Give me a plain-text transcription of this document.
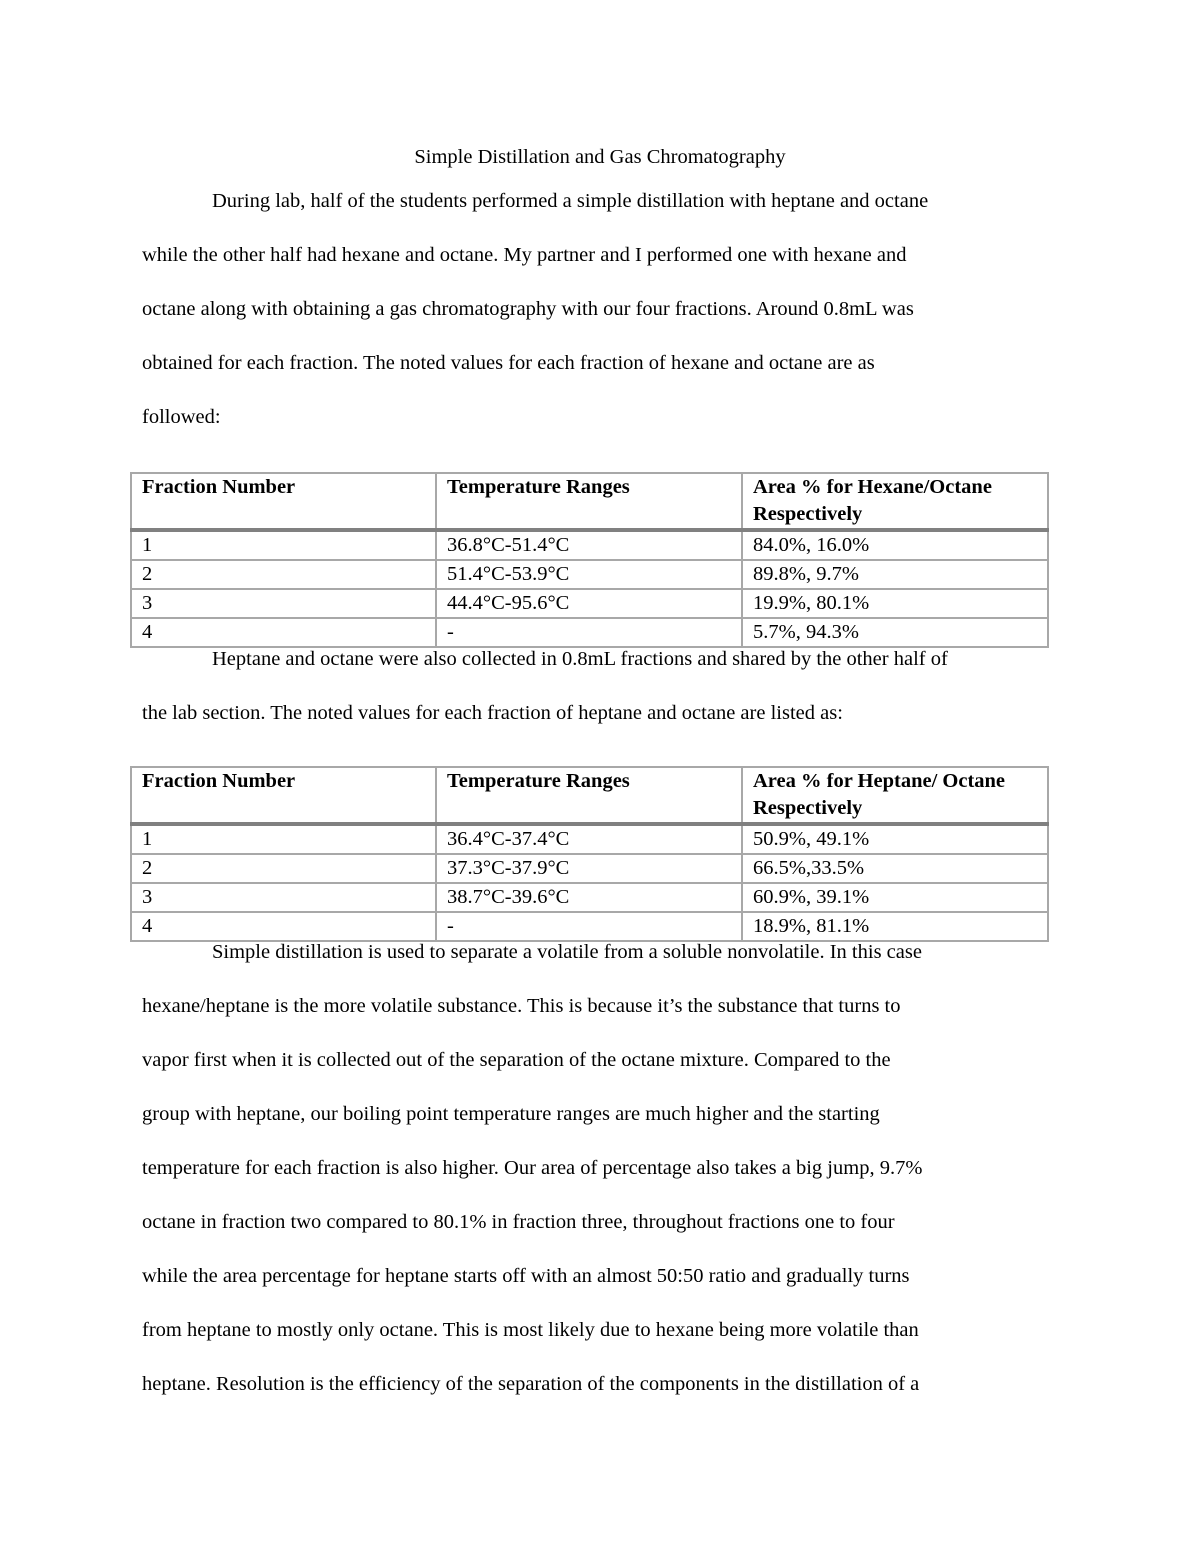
Simple Distillation and Gas Chromatography
During lab, half of the students performed a simple distillation with heptane and octane
while the other half had hexane and octane. My partner and I performed one with hexane and
octane along with obtaining a gas chromatography with our four fractions. Around 0.8mL was
obtained for each fraction. The noted values for each fraction of hexane and octane are as
followed:
Fraction Number	Temperature Ranges	Area % for Hexane/Octane Respectively
1	36.8°C-51.4°C	84.0%, 16.0%
2	51.4°C-53.9°C	89.8%, 9.7%
3	44.4°C-95.6°C	19.9%, 80.1%
4	-	5.7%, 94.3%
Heptane and octane were also collected in 0.8mL fractions and shared by the other half of
the lab section. The noted values for each fraction of heptane and octane are listed as:
Fraction Number	Temperature Ranges	Area % for Heptane/ Octane Respectively
1	36.4°C-37.4°C	50.9%, 49.1%
2	37.3°C-37.9°C	66.5%,33.5%
3	38.7°C-39.6°C	60.9%, 39.1%
4	-	18.9%, 81.1%
Simple distillation is used to separate a volatile from a soluble nonvolatile. In this case
hexane/heptane is the more volatile substance. This is because it’s the substance that turns to
vapor first when it is collected out of the separation of the octane mixture. Compared to the
group with heptane, our boiling point temperature ranges are much higher and the starting
temperature for each fraction is also higher. Our area of percentage also takes a big jump, 9.7%
octane in fraction two compared to 80.1% in fraction three, throughout fractions one to four
while the area percentage for heptane starts off with an almost 50:50 ratio and gradually turns
from heptane to mostly only octane. This is most likely due to hexane being more volatile than
heptane. Resolution is the efficiency of the separation of the components in the distillation of a
